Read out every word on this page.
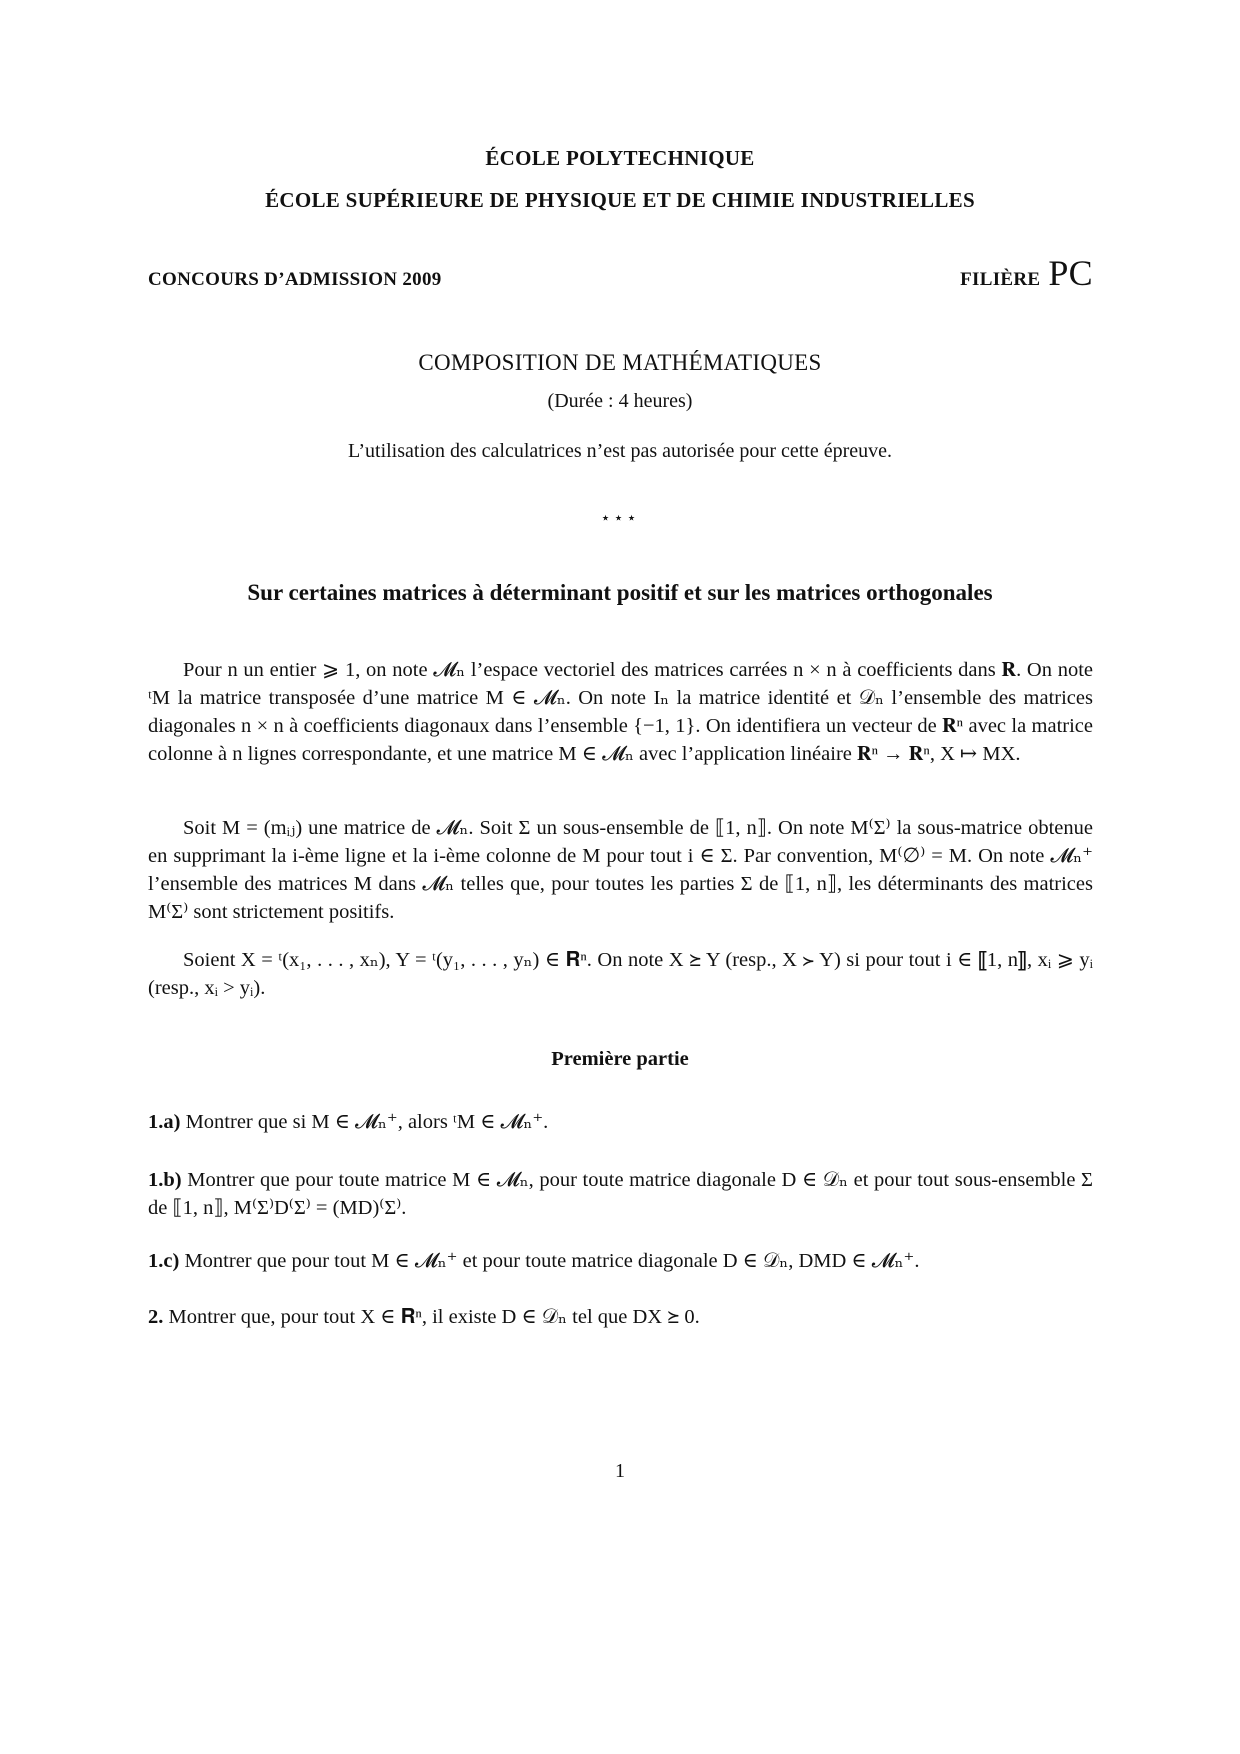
ÉCOLE POLYTECHNIQUE
ÉCOLE SUPÉRIEURE DE PHYSIQUE ET DE CHIMIE INDUSTRIELLES
CONCOURS D’ADMISSION 2009	FILIÈRE PC
COMPOSITION DE MATHÉMATIQUES
(Durée : 4 heures)
L’utilisation des calculatrices n’est pas autorisée pour cette épreuve.
⋆⋆⋆
Sur certaines matrices à déterminant positif et sur les matrices orthogonales
Pour n un entier ⩾ 1, on note 𝓜ₙ l’espace vectoriel des matrices carrées n × n à coefficients dans 𝐑. On note ᵗM la matrice transposée d’une matrice M ∈ 𝓜ₙ. On note Iₙ la matrice identité et 𝒟ₙ l’ensemble des matrices diagonales n × n à coefficients diagonaux dans l’ensemble {−1, 1}. On identifiera un vecteur de 𝐑ⁿ avec la matrice colonne à n lignes correspondante, et une matrice M ∈ 𝓜ₙ avec l’application linéaire 𝐑ⁿ → 𝐑ⁿ, X ↦ MX.
Soit M = (mᵢⱼ) une matrice de 𝓜ₙ. Soit Σ un sous-ensemble de ⟦1, n⟧. On note M⁽Σ⁾ la sous-matrice obtenue en supprimant la i-ème ligne et la i-ème colonne de M pour tout i ∈ Σ. Par convention, M⁽∅⁾ = M. On note 𝓜ₙ⁺ l’ensemble des matrices M dans 𝓜ₙ telles que, pour toutes les parties Σ de ⟦1, n⟧, les déterminants des matrices M⁽Σ⁾ sont strictement positifs.
Soient X = ᵗ(x₁, . . . , xₙ), Y = ᵗ(y₁, . . . , yₙ) ∈ 𝐑ⁿ. On note X ⪰ Y (resp., X ≻ Y) si pour tout i ∈ ⟦1, n⟧, xᵢ ⩾ yᵢ (resp., xᵢ > yᵢ).
Première partie
1.a) Montrer que si M ∈ 𝓜ₙ⁺, alors ᵗM ∈ 𝓜ₙ⁺.
1.b) Montrer que pour toute matrice M ∈ 𝓜ₙ, pour toute matrice diagonale D ∈ 𝒟ₙ et pour tout sous-ensemble Σ de ⟦1, n⟧, M⁽Σ⁾D⁽Σ⁾ = (MD)⁽Σ⁾.
1.c) Montrer que pour tout M ∈ 𝓜ₙ⁺ et pour toute matrice diagonale D ∈ 𝒟ₙ, DMD ∈ 𝓜ₙ⁺.
2. Montrer que, pour tout X ∈ 𝐑ⁿ, il existe D ∈ 𝒟ₙ tel que DX ⪰ 0.
1
